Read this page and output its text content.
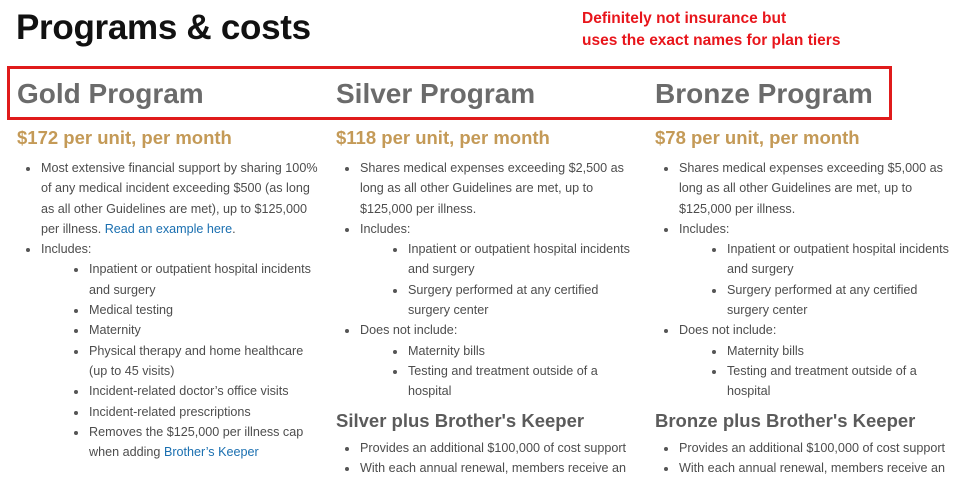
Programs & costs	Definitely not insurance but
uses the exact names for plan tiers
Gold Program
$172 per unit, per month
Most extensive financial support by sharing 100% of any medical incident exceeding $500 (as long as all other Guidelines are met), up to $125,000 per illness. Read an example here.
Includes:
Inpatient or outpatient hospital incidents and surgery
Medical testing
Maternity
Physical therapy and home healthcare (up to 45 visits)
Incident-related doctor’s office visits
Incident-related prescriptions
Removes the $125,000 per illness cap when adding Brother’s Keeper
Silver Program
$118 per unit, per month
Shares medical expenses exceeding $2,500 as long as all other Guidelines are met, up to $125,000 per illness.
Includes:
Inpatient or outpatient hospital incidents and surgery
Surgery performed at any certified surgery center
Does not include:
Maternity bills
Testing and treatment outside of a hospital
Silver plus Brother's Keeper
Provides an additional $100,000 of cost support
With each annual renewal, members receive an
Bronze Program
$78 per unit, per month
Shares medical expenses exceeding $5,000 as long as all other Guidelines are met, up to $125,000 per illness.
Includes:
Inpatient or outpatient hospital incidents and surgery
Surgery performed at any certified surgery center
Does not include:
Maternity bills
Testing and treatment outside of a hospital
Bronze plus Brother's Keeper
Provides an additional $100,000 of cost support
With each annual renewal, members receive an
